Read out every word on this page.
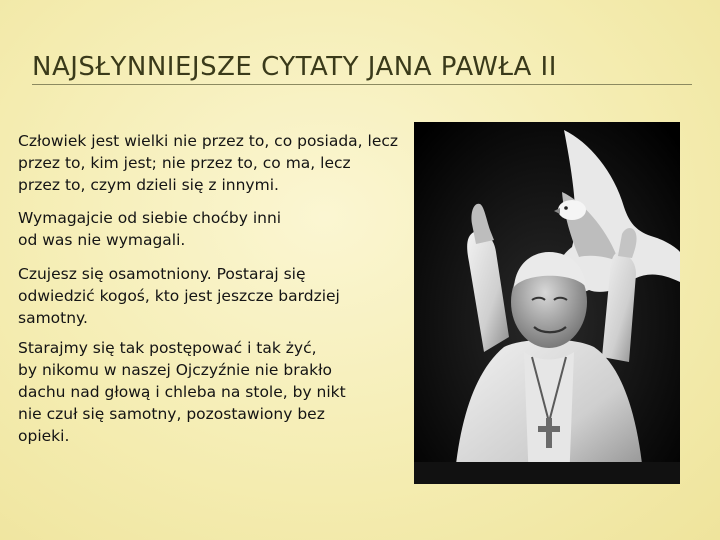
NAJSŁYNNIEJSZE CYTATY JANA PAWŁA II

Człowiek jest wielki nie przez to, co posiada, lecz
przez to, kim jest; nie przez to, co ma, lecz
przez to, czym dzieli się z innymi.

Wymagajcie od siebie choćby inni
od was nie wymagali.

Czujesz się osamotniony. Postaraj się
odwiedzić kogoś, kto jest jeszcze bardziej
samotny.

Starajmy się tak postępować i tak żyć,
by nikomu w naszej Ojczyźnie nie brakło
dachu nad głową i chleba na stole, by nikt
nie czuł się samotny, pozostawiony bez
opieki.
